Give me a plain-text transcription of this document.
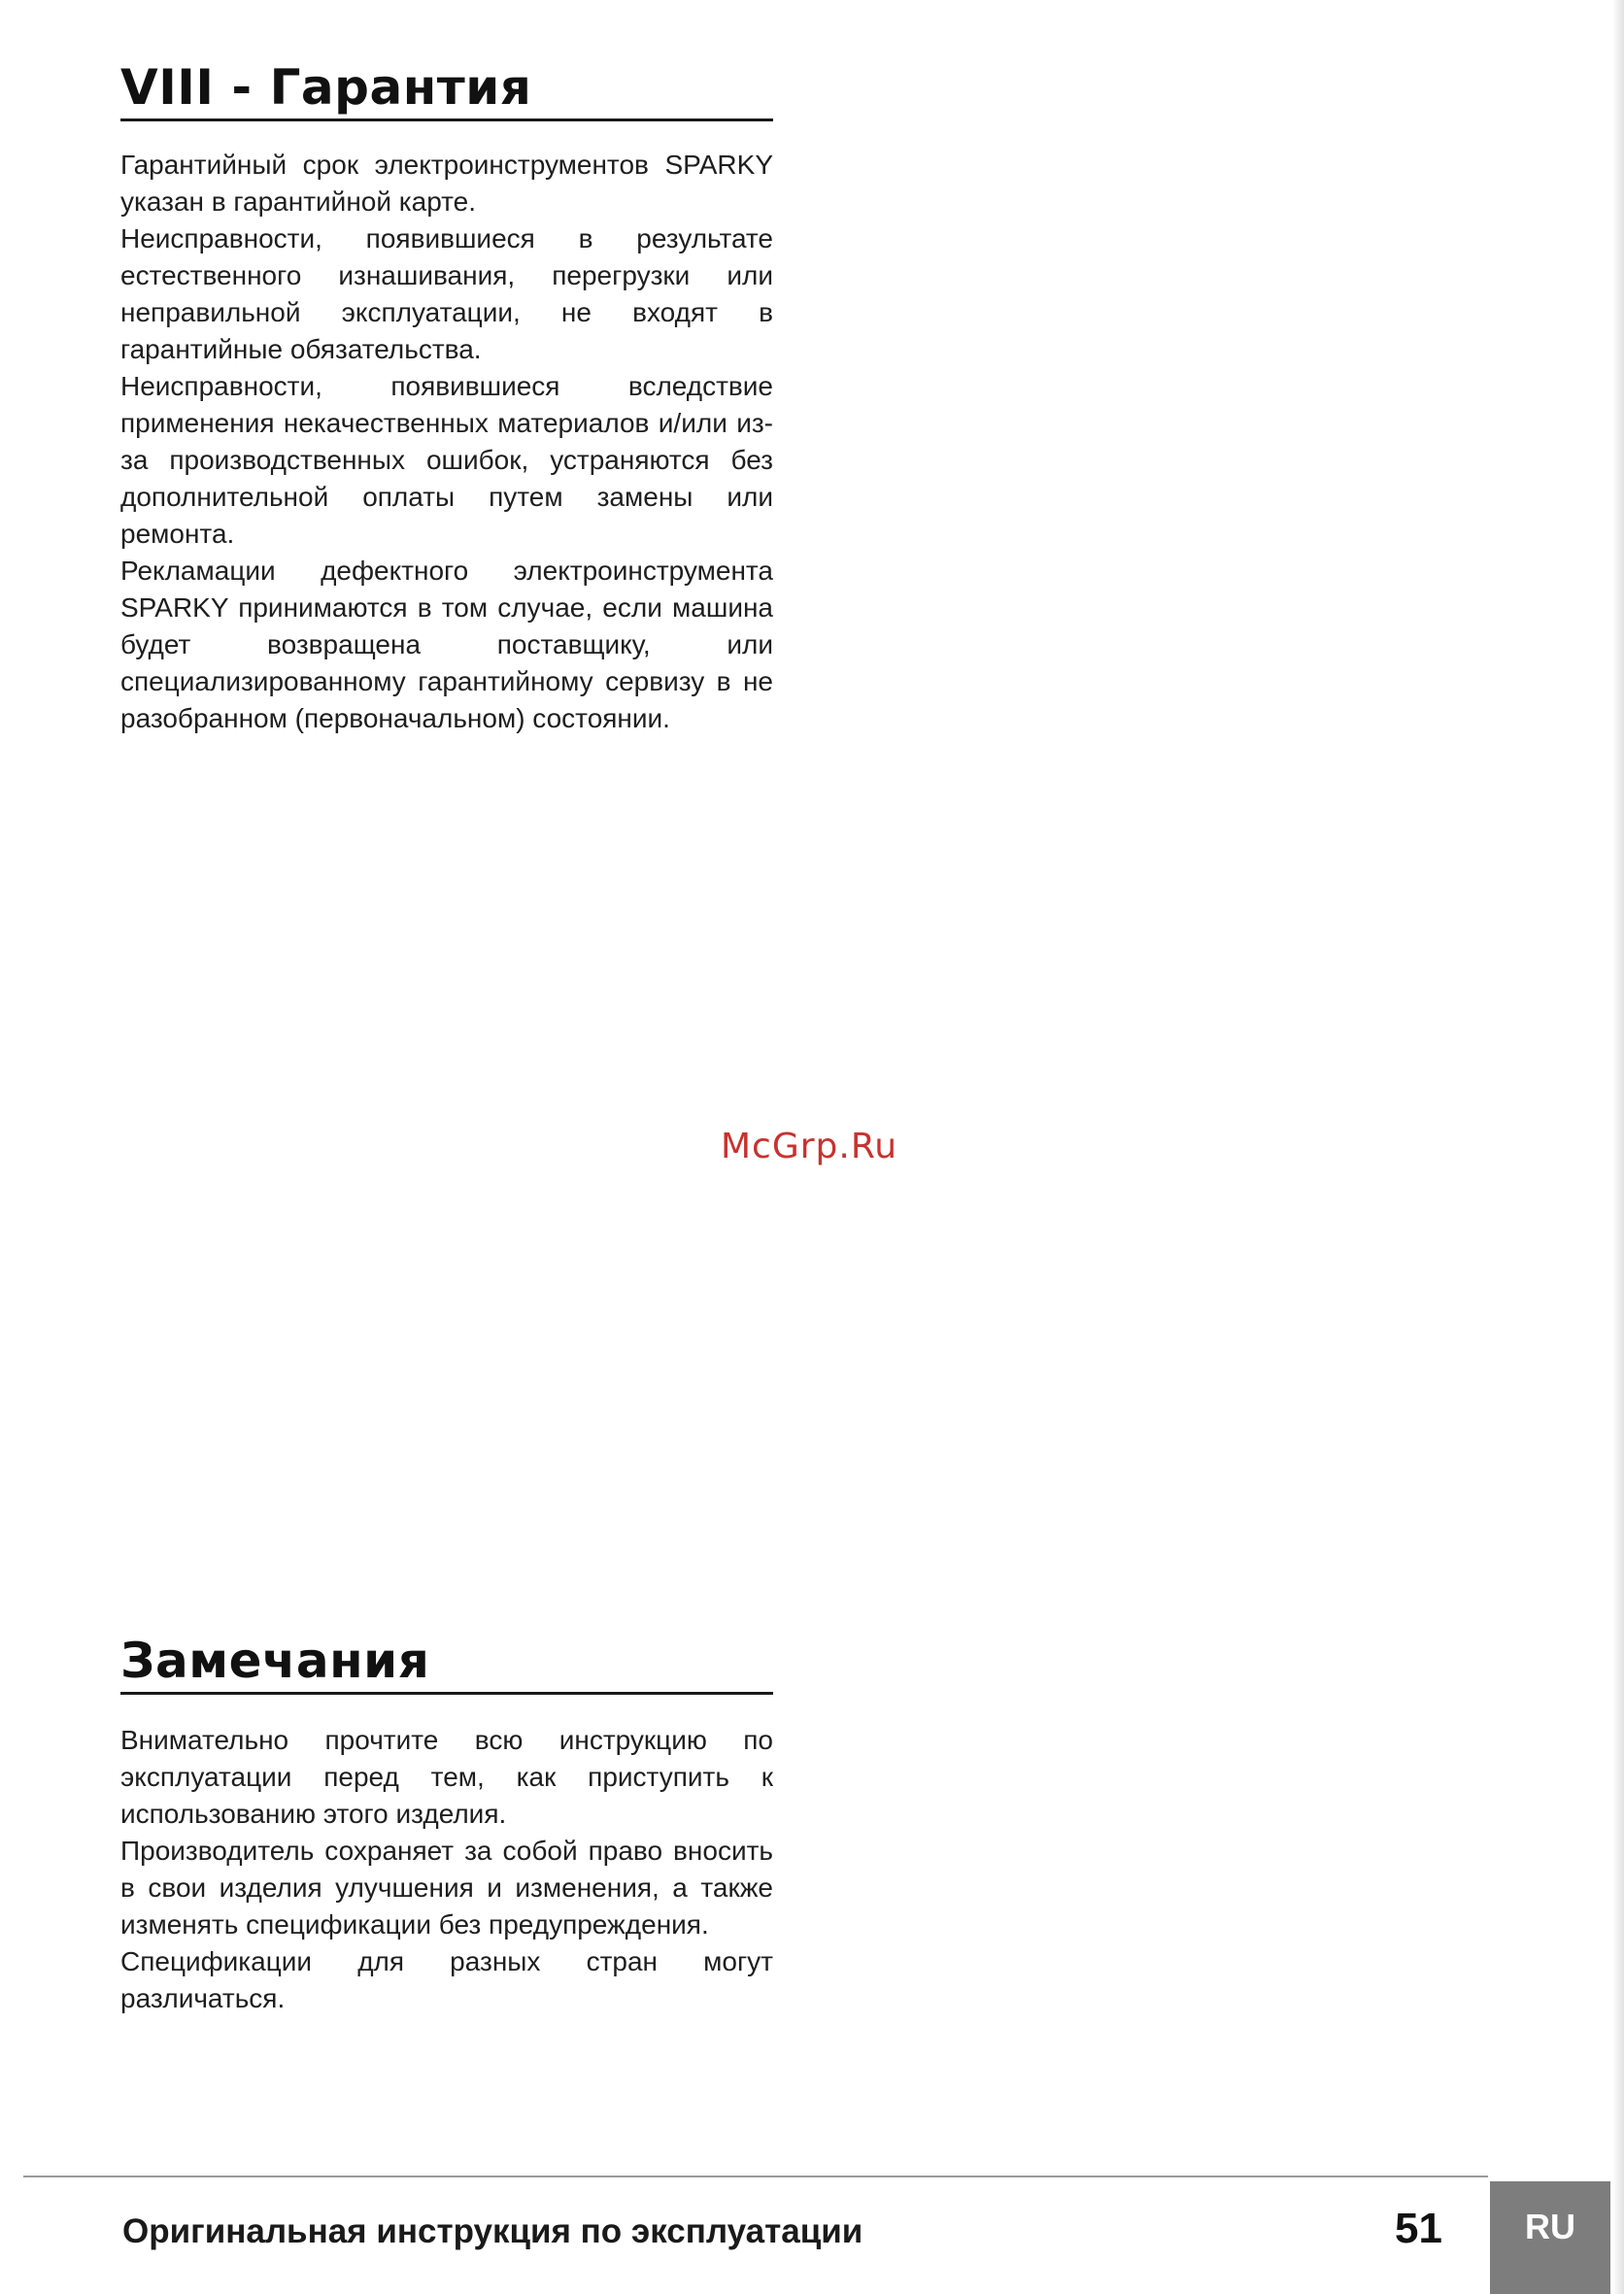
VIII - Гарантия

Гарантийный срок электроинструментов SPARKY указан в гарантийной карте.

Неисправности, появившиеся в результате естественного изнашивания, перегрузки или неправильной эксплуатации, не входят в гарантийные обязательства.

Неисправности, появившиеся вследствие применения некачественных материалов и/или из-за производственных ошибок, устраняются без дополнительной оплаты путем замены или ремонта.

Рекламации дефектного электроинструмента SPARKY принимаются в том случае, если машина будет возвращена поставщику, или специализированному гарантийному сервизу в не разобранном (первоначальном) состоянии.

McGrp.Ru
Замечания

Внимательно прочтите всю инструкцию по эксплуатации перед тем, как приступить к использованию этого изделия.

Производитель сохраняет за собой право вносить в свои изделия улучшения и изменения, а также изменять спецификации без предупреждения.

Спецификации для разных стран могут различаться.

Оригинальная инструкция по эксплуатации	51 RU
